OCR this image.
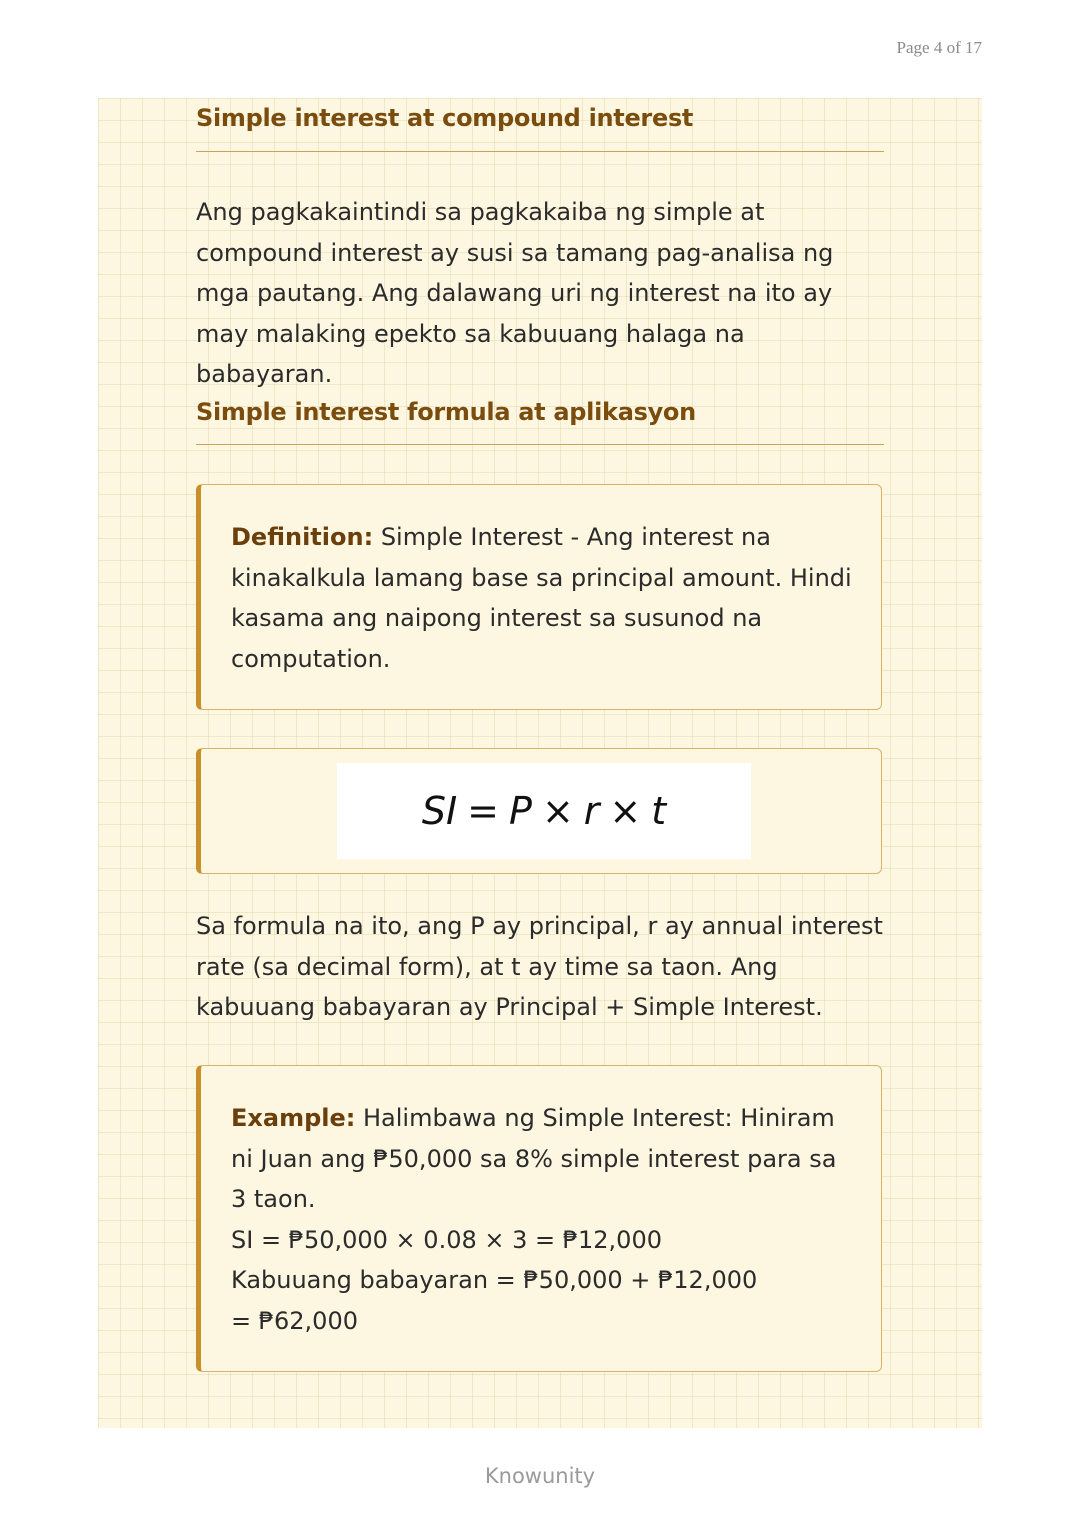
Page 4 of 17
Simple interest at compound interest

Ang pagkakaintindi sa pagkakaiba ng simple at compound interest ay susi sa tamang pag-analisa ng mga pautang. Ang dalawang uri ng interest na ito ay may malaking epekto sa kabuuang halaga na babayaran.

Simple interest formula at aplikasyon
Definition: Simple Interest - Ang interest na kinakalkula lamang base sa principal amount. Hindi kasama ang naipong interest sa susunod na computation.
SI = P × r × t

Sa formula na ito, ang P ay principal, r ay annual interest rate (sa decimal form), at t ay time sa taon. Ang kabuuang babayaran ay Principal + Simple Interest.

Example: Halimbawa ng Simple Interest: Hiniram ni Juan ang ₱50,000 sa 8% simple interest para sa 3 taon.
SI = ₱50,000 × 0.08 × 3 = ₱12,000
Kabuuang babayaran = ₱50,000 + ₱12,000 = ₱62,000
Knowunity
